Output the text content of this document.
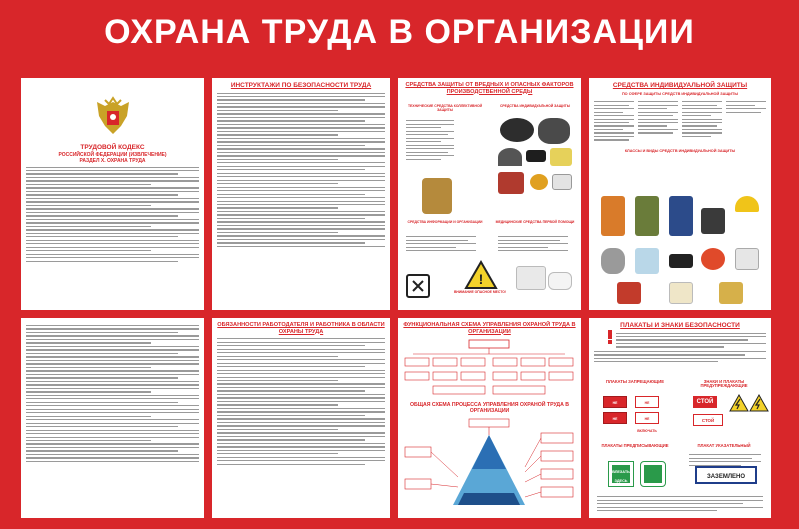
ОХРАНА ТРУДА В ОРГАНИЗАЦИИ
ТРУДОВОЙ КОДЕКС
РОССИЙСКОЙ ФЕДЕРАЦИИ (ИЗВЛЕЧЕНИЕ)
РАЗДЕЛ X. ОХРАНА ТРУДА
ИНСТРУКТАЖИ ПО БЕЗОПАСНОСТИ ТРУДА	СРЕДСТВА ЗАЩИТЫ ОТ ВРЕДНЫХ И ОПАСНЫХ ФАКТОРОВ ПРОИЗВОДСТВЕННОЙ СРЕДЫ
ТЕХНИЧЕСКИЕ СРЕДСТВА КОЛЛЕКТИВНОЙ ЗАЩИТЫ
СРЕДСТВА ИНДИВИДУАЛЬНОЙ ЗАЩИТЫ
СРЕДСТВА ИНФОРМАЦИИ И ОРГАНИЗАЦИИ	МЕДИЦИНСКИЕ СРЕДСТВА ПЕРВОЙ ПОМОЩИ
!
ВНИМАНИЕ ОПАСНОЕ МЕСТО!
СРЕДСТВА ИНДИВИДУАЛЬНОЙ ЗАЩИТЫ
ПО СФЕРЕ ЗАЩИТЫ СРЕДСТВ ИНДИВИДУАЛЬНОЙ ЗАЩИТЫ
КЛАССЫ И ВИДЫ СРЕДСТВ ИНДИВИДУАЛЬНОЙ ЗАЩИТЫ
ОБЯЗАННОСТИ РАБОТОДАТЕЛЯ И РАБОТНИКА В ОБЛАСТИ ОХРАНЫ ТРУДА
ФУНКЦИОНАЛЬНАЯ СХЕМА УПРАВЛЕНИЯ ОХРАНОЙ ТРУДА В ОРГАНИЗАЦИИ
ОБЩАЯ СХЕМА ПРОЦЕССА УПРАВЛЕНИЯ ОХРАНОЙ ТРУДА В ОРГАНИЗАЦИИ
ПЛАКАТЫ И ЗНАКИ БЕЗОПАСНОСТИ
ПЛАКАТЫ ЗАПРЕЩАЮЩИЕ	ЗНАКИ И ПЛАКАТЫ ПРЕДУПРЕЖДАЮЩИЕ
НЕ
НЕ ВКЛЮЧАТЬ
НЕ
НЕ ВКЛЮЧАТЬ
СТОЙ
СТОЙ
ПЛАКАТЫ ПРЕДПИСЫВАЮЩИЕ	ПЛАКАТ УКАЗАТЕЛЬНЫЙ
ВЛЕЗАТЬ ЗДЕСЬ
ЗАЗЕМЛЕНО
